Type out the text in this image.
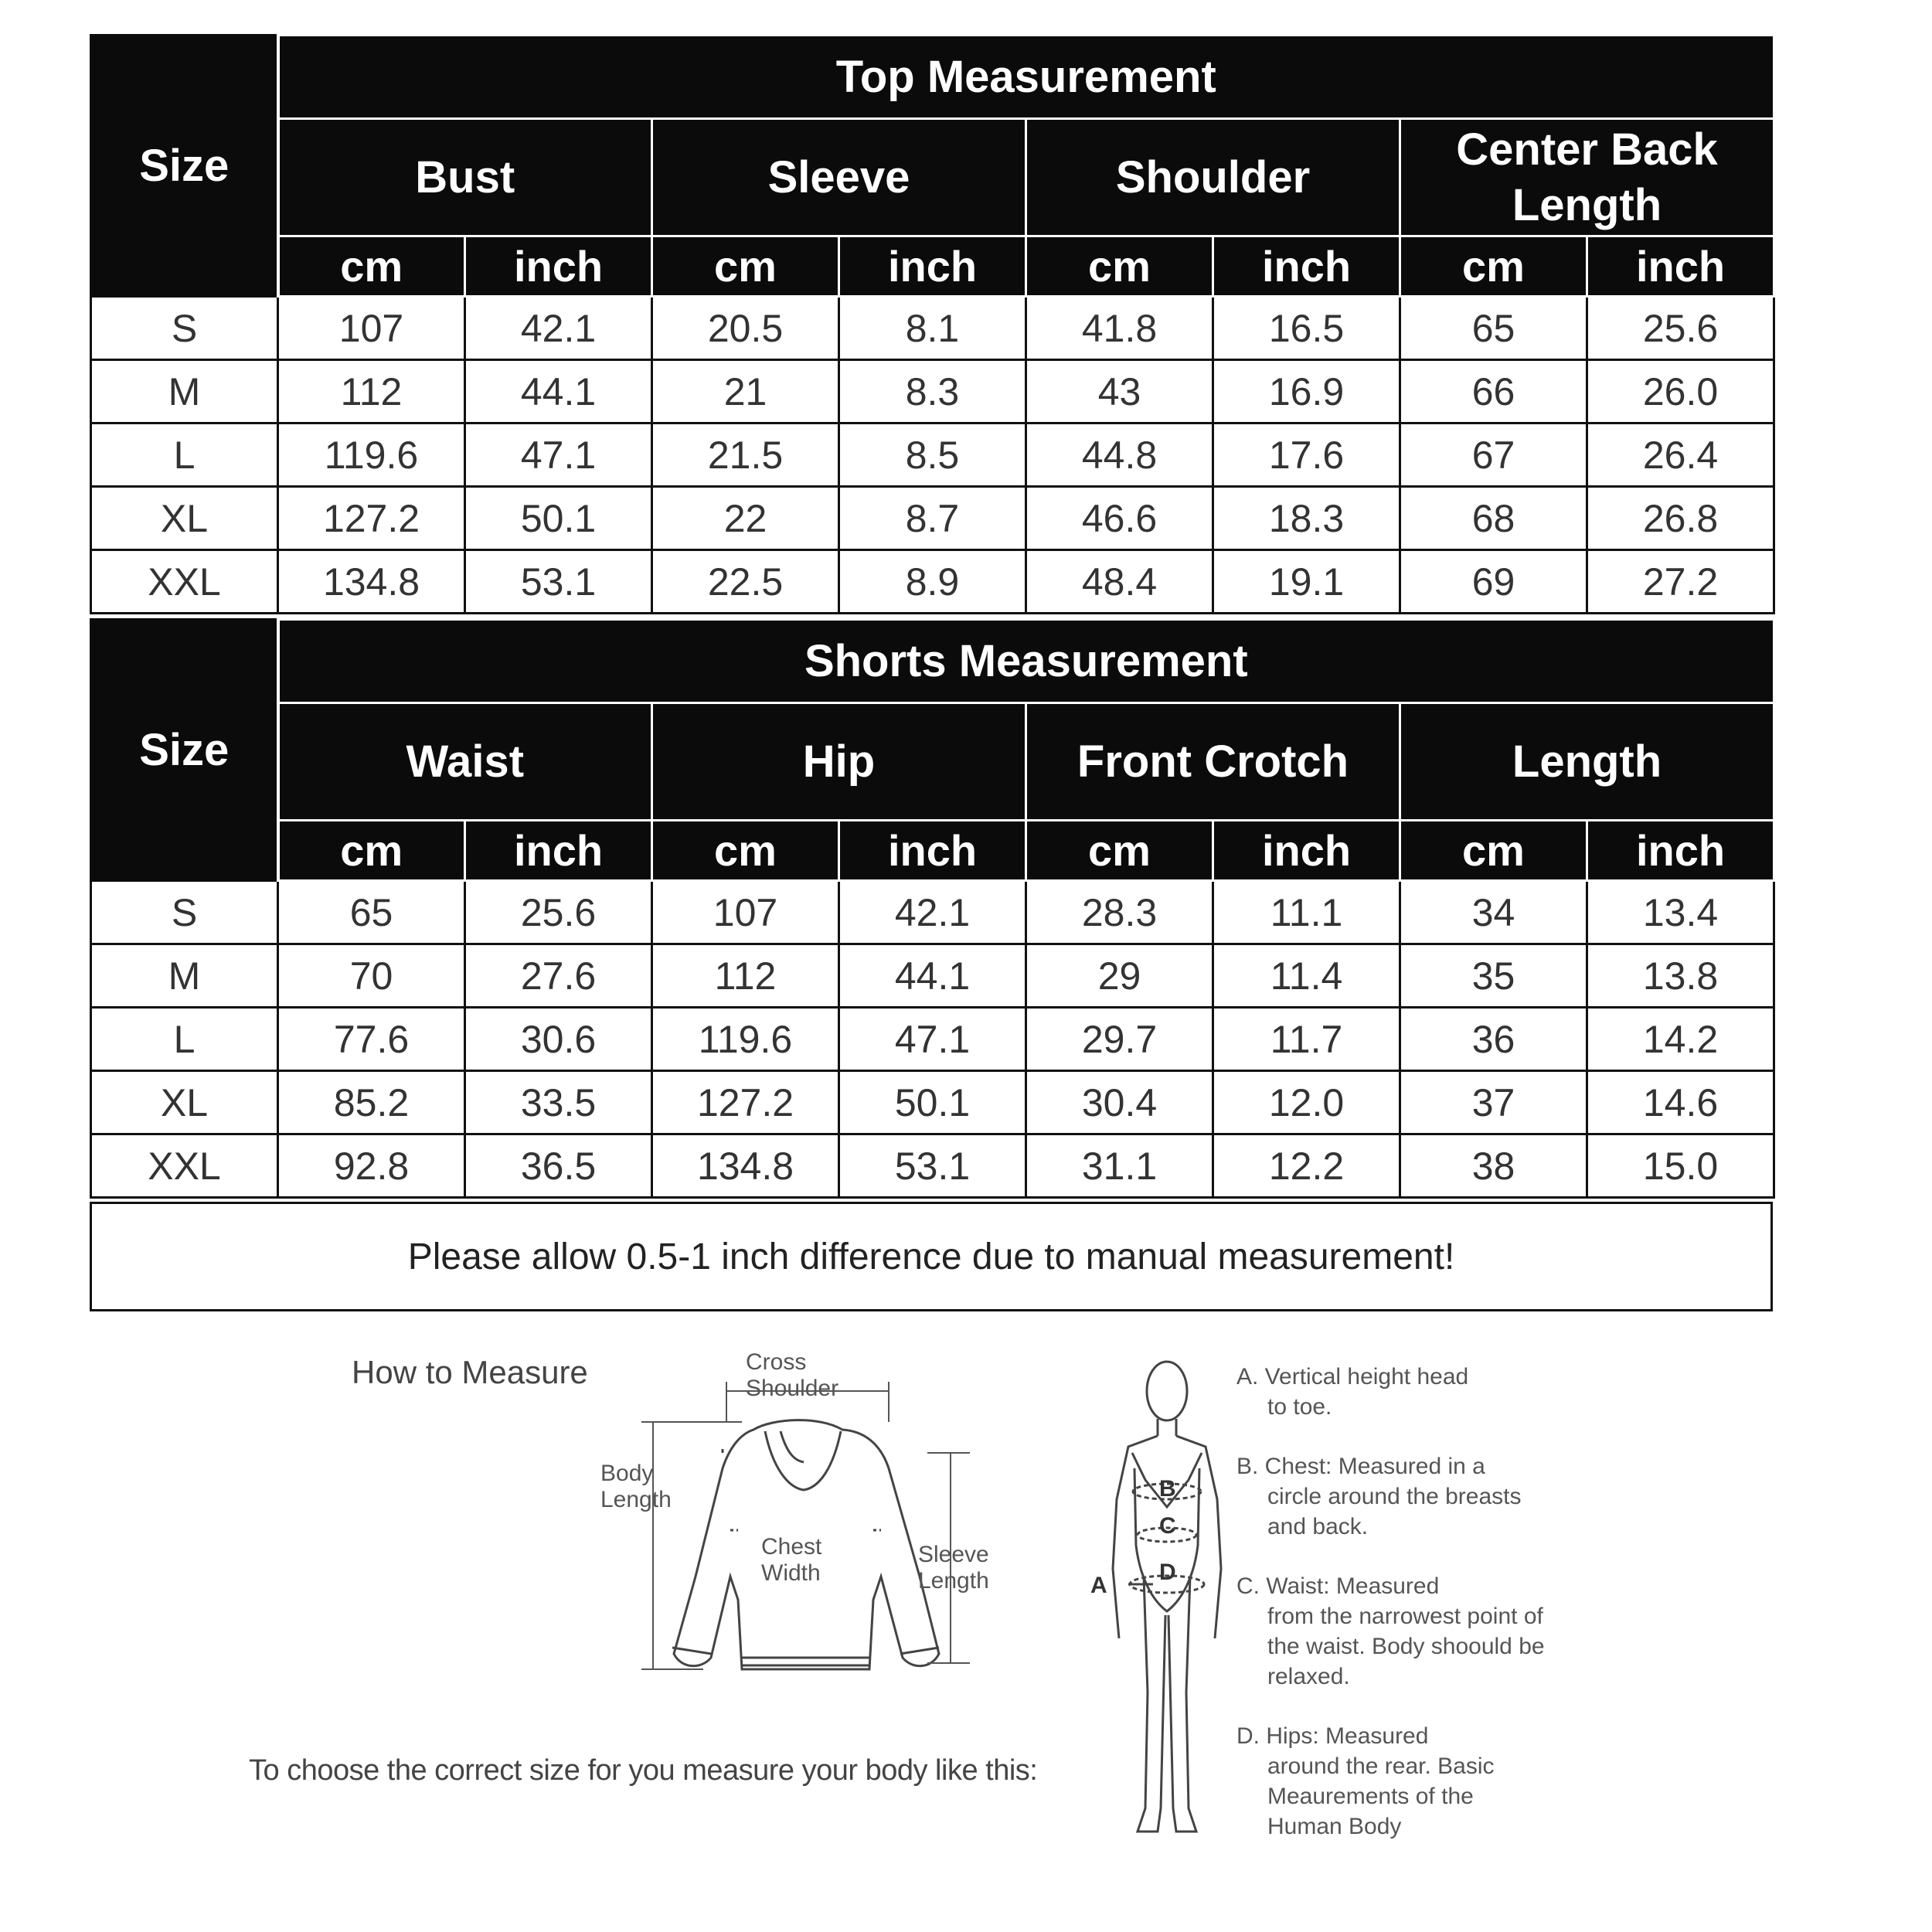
Size	Top Measurement							
	Bust		Sleeve		Shoulder		Center Back Length	
	cm	inch	cm	inch	cm	inch	cm	inch
S	107	42.1	20.5	8.1	41.8	16.5	65	25.6
M	112	44.1	21	8.3	43	16.9	66	26.0
L	119.6	47.1	21.5	8.5	44.8	17.6	67	26.4
XL	127.2	50.1	22	8.7	46.6	18.3	68	26.8
XXL	134.8	53.1	22.5	8.9	48.4	19.1	69	27.2
Size	Shorts Measurement							
	Waist		Hip		Front Crotch		Length	
	cm	inch	cm	inch	cm	inch	cm	inch
S	65	25.6	107	42.1	28.3	11.1	34	13.4
M	70	27.6	112	44.1	29	11.4	35	13.8
L	77.6	30.6	119.6	47.1	29.7	11.7	36	14.2
XL	85.2	33.5	127.2	50.1	30.4	12.0	37	14.6
XXL	92.8	36.5	134.8	53.1	31.1	12.2	38	15.0
Please allow 0.5-1 inch difference due to manual measurement!
How to Measure
To choose the correct size for you measure your body like this:
Cross
Shoulder
Body
Length
Chest
Width
Sleeve
Length	A
B
C
D

A. Vertical height head
to toe.

B. Chest: Measured in a
circle around the breasts and back.

C. Waist: Measured
from the narrowest point of the waist. Body shoould be relaxed.

D. Hips: Measured
around the rear. Basic Meaurements of the Human Body
